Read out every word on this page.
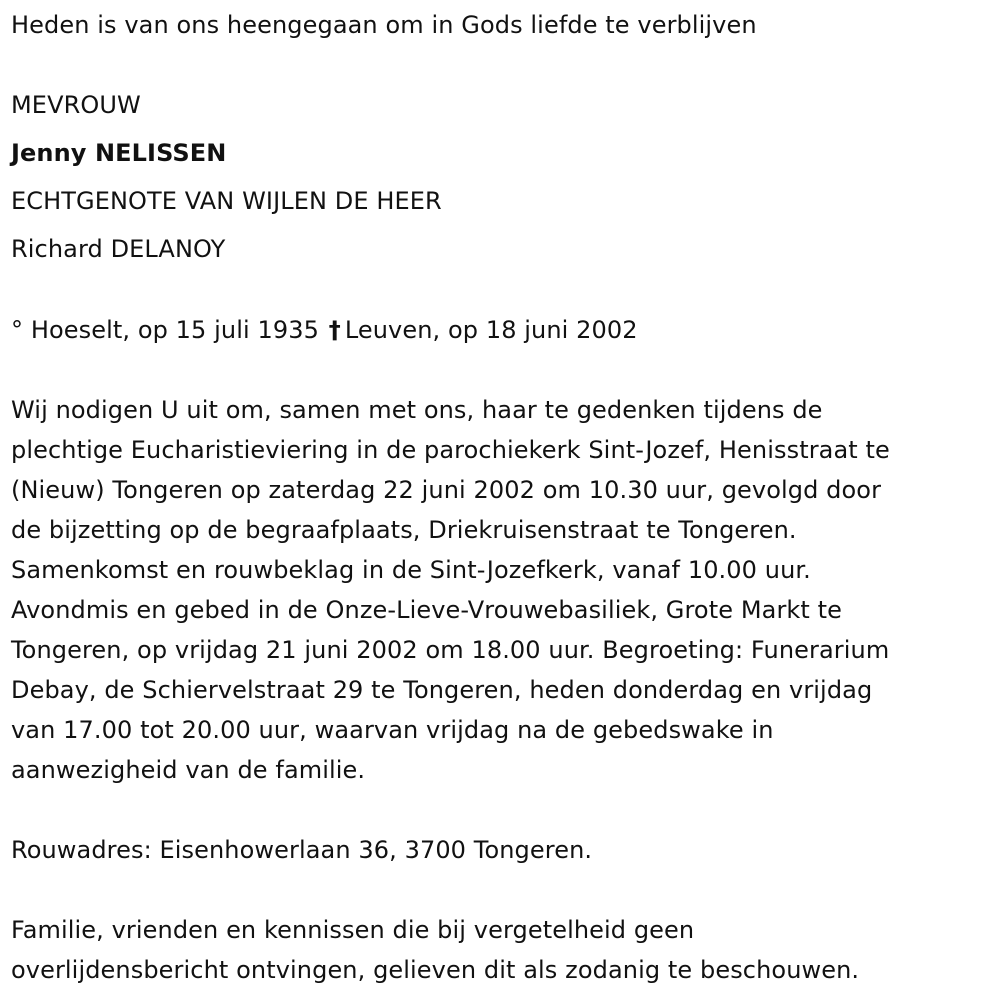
Heden is van ons heengegaan om in Gods liefde te verblijven
MEVROUW
Jenny NELISSEN
ECHTGENOTE VAN WIJLEN DE HEER
Richard DELANOY
° Hoeselt, op 15 juli 1935 † Leuven, op 18 juni 2002
Wij nodigen U uit om, samen met ons, haar te gedenken tijdens de
plechtige Eucharistieviering in de parochiekerk Sint-Jozef, Henisstraat te
(Nieuw) Tongeren op zaterdag 22 juni 2002 om 10.30 uur, gevolgd door
de bijzetting op de begraafplaats, Driekruisenstraat te Tongeren.
Samenkomst en rouwbeklag in de Sint-Jozefkerk, vanaf 10.00 uur.
Avondmis en gebed in de Onze-Lieve-Vrouwebasiliek, Grote Markt te
Tongeren, op vrijdag 21 juni 2002 om 18.00 uur. Begroeting: Funerarium
Debay, de Schiervelstraat 29 te Tongeren, heden donderdag en vrijdag
van 17.00 tot 20.00 uur, waarvan vrijdag na de gebedswake in
aanwezigheid van de familie.
Rouwadres: Eisenhowerlaan 36, 3700 Tongeren.
Familie, vrienden en kennissen die bij vergetelheid geen
overlijdensbericht ontvingen, gelieven dit als zodanig te beschouwen.
